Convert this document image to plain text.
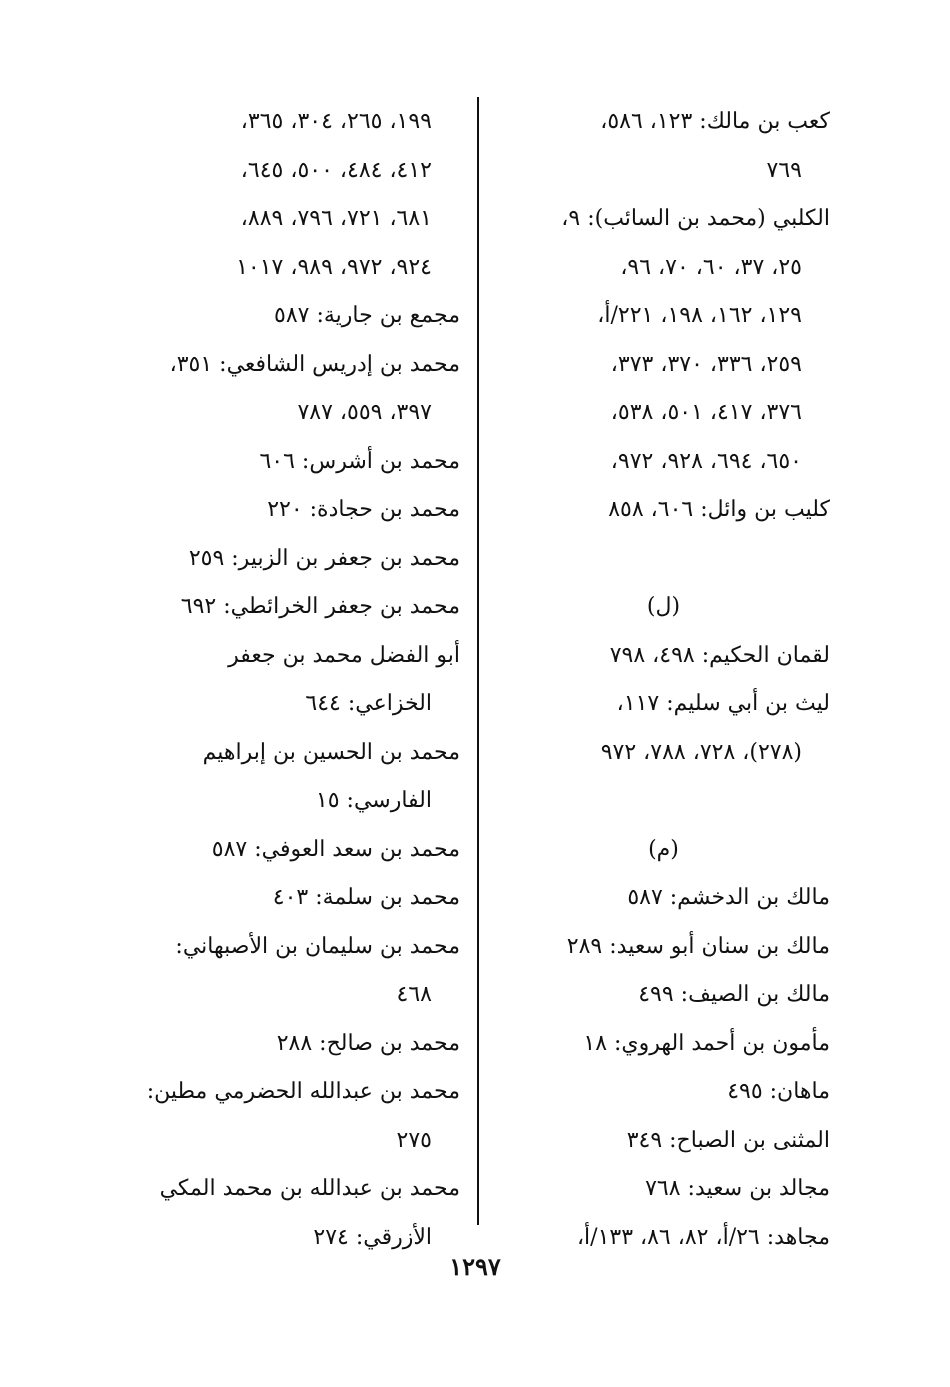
كعب بن مالك: ١٢٣، ٥٨٦،
٧٦٩
الكلبي (محمد بن السائب): ٩،
٢٥، ٣٧، ٦٠، ٧٠، ٩٦،
١٢٩، ١٦٢، ١٩٨، ٢٢١/أ،
٢٥٩، ٣٣٦، ٣٧٠، ٣٧٣،
٣٧٦، ٤١٧، ٥٠١، ٥٣٨،
٦٥٠، ٦٩٤، ٩٢٨، ٩٧٢،
كليب بن وائل: ٦٠٦، ٨٥٨
(ل)
لقمان الحكيم: ٤٩٨، ٧٩٨
ليث بن أبي سليم: ١١٧،
(٢٧٨)، ٧٢٨، ٧٨٨، ٩٧٢
(م)
مالك بن الدخشم: ٥٨٧
مالك بن سنان أبو سعيد: ٢٨٩
مالك بن الصيف: ٤٩٩
مأمون بن أحمد الهروي: ١٨
ماهان: ٤٩٥
المثنى بن الصباح: ٣٤٩
مجالد بن سعيد: ٧٦٨
مجاهد: ٢٦/أ، ٨٢، ٨٦، ١٣٣/أ،
١٩٩، ٢٦٥، ٣٠٤، ٣٦٥،
٤١٢، ٤٨٤، ٥٠٠، ٦٤٥،
٦٨١، ٧٢١، ٧٩٦، ٨٨٩،
٩٢٤، ٩٧٢، ٩٨٩، ١٠١٧
مجمع بن جارية: ٥٨٧
محمد بن إدريس الشافعي: ٣٥١،
٣٩٧، ٥٥٩، ٧٨٧
محمد بن أشرس: ٦٠٦
محمد بن حجادة: ٢٢٠
محمد بن جعفر بن الزبير: ٢٥٩
محمد بن جعفر الخرائطي: ٦٩٢
أبو الفضل محمد بن جعفر
الخزاعي: ٦٤٤
محمد بن الحسين بن إبراهيم
الفارسي: ١٥
محمد بن سعد العوفي: ٥٨٧
محمد بن سلمة: ٤٠٣
محمد بن سليمان بن الأصبهاني:
٤٦٨
محمد بن صالح: ٢٨٨
محمد بن عبدالله الحضرمي مطين:
٢٧٥
محمد بن عبدالله بن محمد المكي
الأزرقي: ٢٧٤
١٢٩٧
